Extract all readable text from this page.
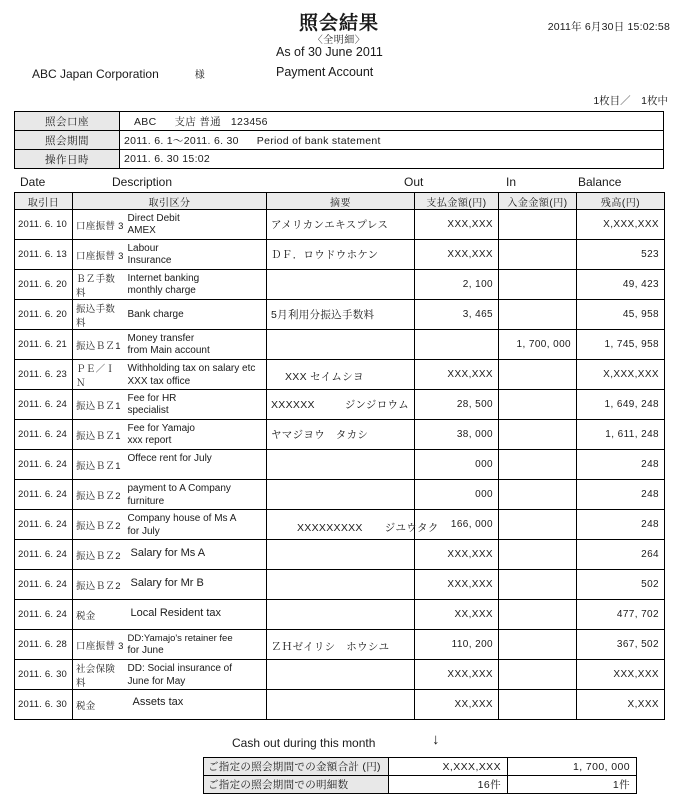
照会結果
〈全明細〉
2011年 6月30日 15:02:58
ABC Japan Corporation	様
As of 30 June 2011
Payment Account
1枚目／　1枚中
照会口座	ABC 支店 普通 123456
照会期間	2011. 6. 1〜2011. 6. 30 Period of bank statement
操作日時	2011. 6. 30 15:02
Date	Description	Out	In	Balance
取引日	取引区分		摘要	支払金額(円)	入金金額(円)	残高(円)
2011. 6. 10	口座振替 3	Direct Debit
AMEX	アメリカンエキスプレス	XXX,XXX		X,XXX,XXX
2011. 6. 13	口座振替 3	Labour
Insurance	ＤＦ．ロウドウホケン	XXX,XXX		523
2011. 6. 20	ＢＺ手数料	Internet banking
monthly charge		2, 100		49, 423
2011. 6. 20	振込手数料	Bank charge	5月利用分振込手数料	3, 465		45, 958
2011. 6. 21	振込ＢＺ1	Money transfer
from Main account			1, 700, 000	1, 745, 958
2011. 6. 23	ＰＥ／ＩＮ	Withholding tax on salary etc
XXX tax office	XXX セイムシヨ	XXX,XXX		X,XXX,XXX
2011. 6. 24	振込ＢＺ1	Fee for HR
specialist	XXXXXX ジンジロウム	28, 500		1, 649, 248
2011. 6. 24	振込ＢＺ1	Fee for Yamajo
xxx report	ヤマジヨウ　タカシ	38, 000		1, 611, 248
2011. 6. 24	振込ＢＺ1	Offece rent for July		000		248
2011. 6. 24	振込ＢＺ2	payment to A Company
furniture		000		248
2011. 6. 24	振込ＢＺ2	Company house of Ms A
for July	XXXXXXXXX ジユウタク	166, 000		248
2011. 6. 24	振込ＢＺ2	Salary for Ms A		XXX,XXX		264
2011. 6. 24	振込ＢＺ2	Salary for Mr B		XXX,XXX		502
2011. 6. 24	税金	Local Resident tax		XX,XXX		477, 702
2011. 6. 28	口座振替 3	DD:Yamajo's retainer fee
for June	ＺＨゼイリシ　ホウシユ	110, 200		367, 502
2011. 6. 30	社会保険料	DD: Social insurance of
June for May		XXX,XXX		XXX,XXX
2011. 6. 30	税金	Assets tax		XX,XXX		X,XXX
Cash out during this month	↓
ご指定の照会期間での金額合計 (円)	X,XXX,XXX	1, 700, 000
ご指定の照会期間での明細数	16件	1件
